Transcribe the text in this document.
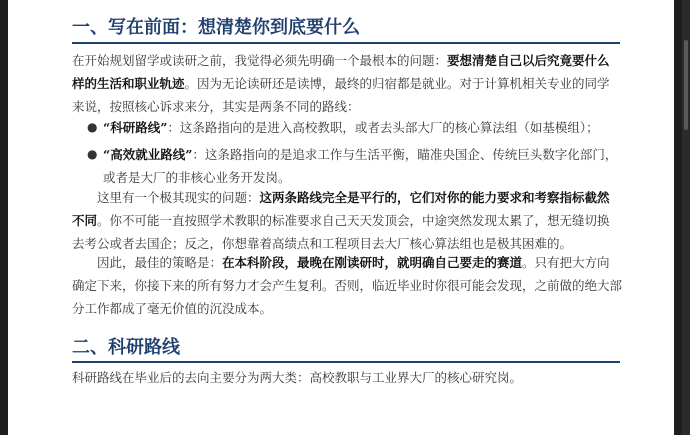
一、写在前面：想清楚你到底要什么

在开始规划留学或读研之前，我觉得必须先明确一个最根本的问题：要想清楚自己以后究竟要什么样的生活和职业轨迹。因为无论读研还是读博，最终的归宿都是就业。对于计算机相关专业的同学来说，按照核心诉求来分，其实是两条不同的路线：

● “科研路线”：这条路指向的是进入高校教职，或者去头部大厂的核心算法组（如基模组）；
● “高效就业路线”：这条路指向的是追求工作与生活平衡，瞄准央国企、传统巨头数字化部门，或者是大厂的非核心业务开发岗。

这里有一个极其现实的问题：这两条路线完全是平行的，它们对你的能力要求和考察指标截然不同。你不可能一直按照学术教职的标准要求自己天天发顶会，中途突然发现太累了，想无缝切换去考公或者去国企；反之，你想靠着高绩点和工程项目去大厂核心算法组也是极其困难的。

因此，最佳的策略是：在本科阶段，最晚在刚读研时，就明确自己要走的赛道。只有把大方向确定下来，你接下来的所有努力才会产生复利。否则，临近毕业时你很可能会发现，之前做的绝大部分工作都成了毫无价值的沉没成本。

二、科研路线

科研路线在毕业后的去向主要分为两大类：高校教职与工业界大厂的核心研究岗。
